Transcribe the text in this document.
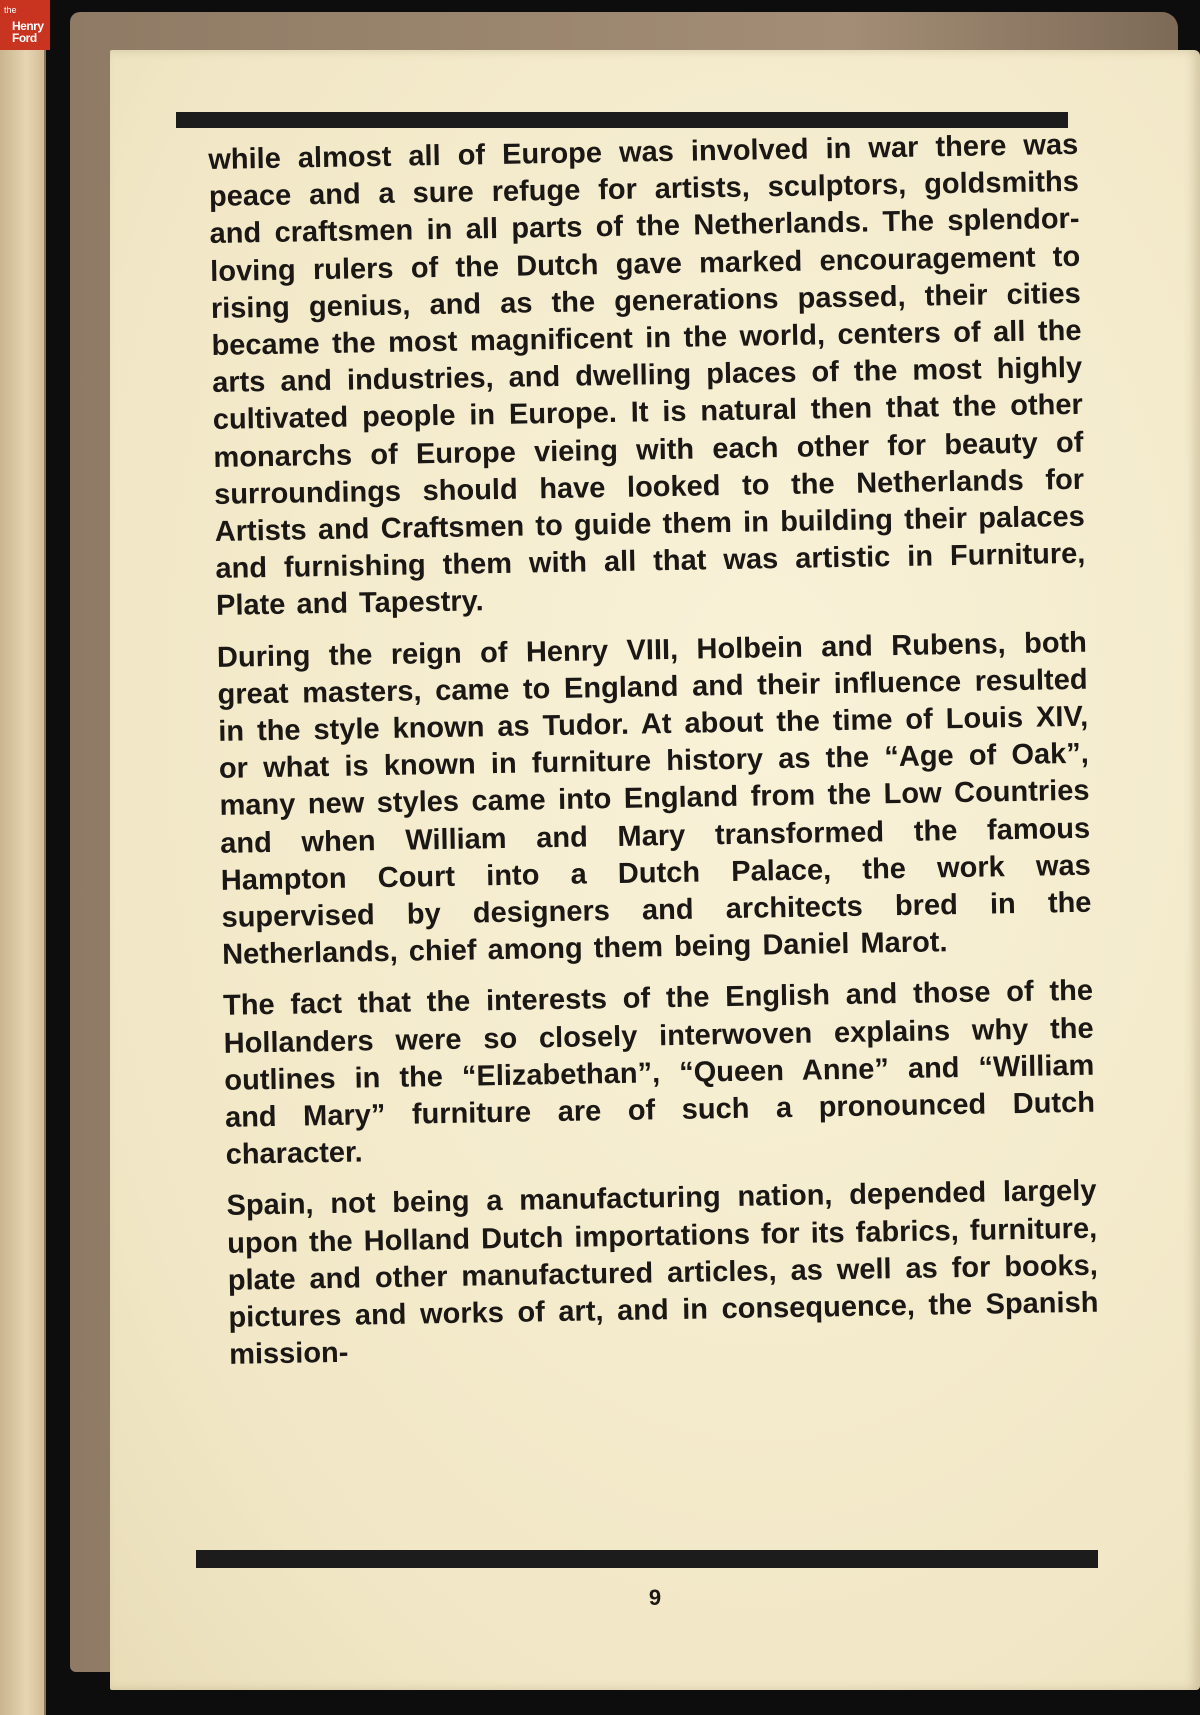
while almost all of Europe was involved in war there was peace and a sure refuge for artists, sculptors, goldsmiths and craftsmen in all parts of the Netherlands. The splendor-loving rulers of the Dutch gave marked encouragement to rising genius, and as the generations passed, their cities became the most magnificent in the world, centers of all the arts and industries, and dwelling places of the most highly cultivated people in Europe. It is natural then that the other monarchs of Europe vieing with each other for beauty of surroundings should have looked to the Netherlands for Artists and Craftsmen to guide them in building their palaces and furnishing them with all that was artistic in Furniture, Plate and Tapestry.

During the reign of Henry VIII, Holbein and Rubens, both great masters, came to England and their influence resulted in the style known as Tudor. At about the time of Louis XIV, or what is known in furniture history as the “Age of Oak”, many new styles came into England from the Low Countries and when William and Mary transformed the famous Hampton Court into a Dutch Palace, the work was supervised by designers and architects bred in the Netherlands, chief among them being Daniel Marot.

The fact that the interests of the English and those of the Hollanders were so closely interwoven explains why the outlines in the “Elizabethan”, “Queen Anne” and “William and Mary” furniture are of such a pronounced Dutch character.

Spain, not being a manufacturing nation, depended largely upon the Holland Dutch importations for its fabrics, furniture, plate and other manufactured articles, as well as for books, pictures and works of art, and in consequence, the Spanish mission-

9
the
Henry Ford
